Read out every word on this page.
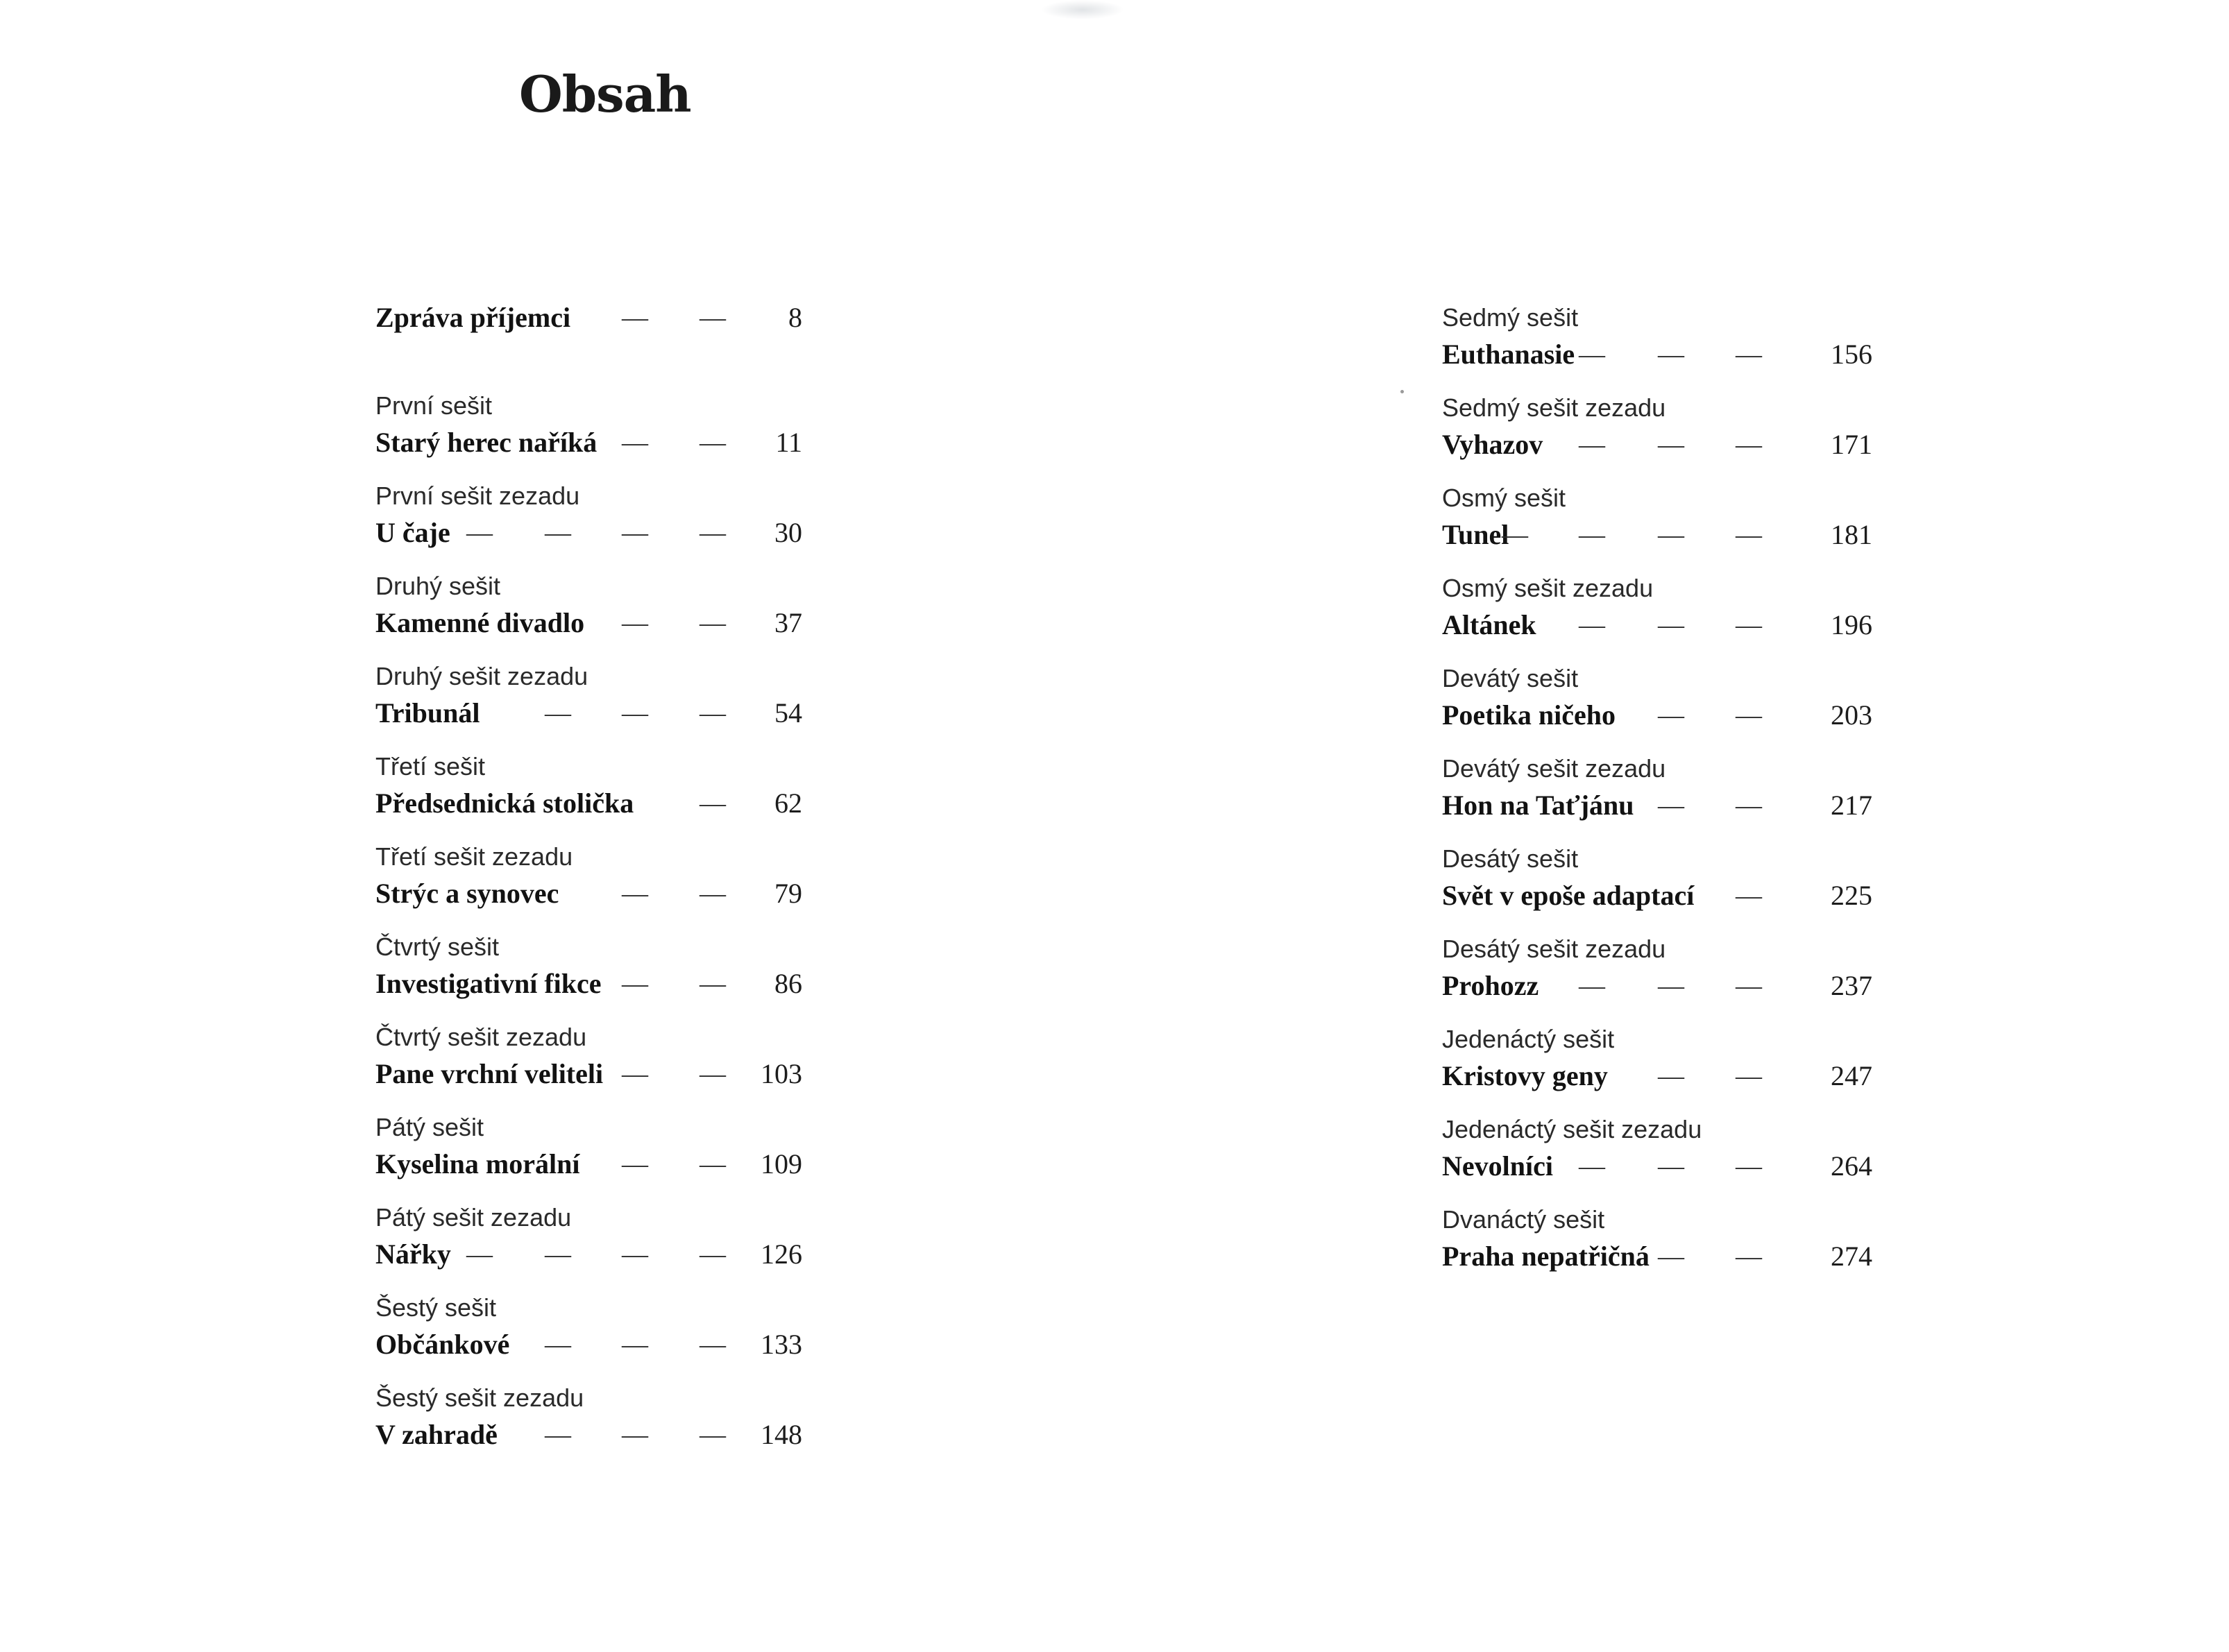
Obsah
Zpráva příjemci — — 8
První sešit
Starý herec naříká — — 11
První sešit zezadu
U čaje — — — — 30
Druhý sešit
Kamenné divadlo — — 37
Druhý sešit zezadu
Tribunál — — — 54
Třetí sešit
Předsednická stolička — 62
Třetí sešit zezadu
Strýc a synovec — — 79
Čtvrtý sešit
Investigativní fikce — — 86
Čtvrtý sešit zezadu
Pane vrchní veliteli — — 103
Pátý sešit
Kyselina morální — — 109
Pátý sešit zezadu
Nářky — — — — 126
Šestý sešit
Občánkové — — — 133
Šestý sešit zezadu
V zahradě — — — 148
Sedmý sešit
Euthanasie — — — 156
Sedmý sešit zezadu
Vyhazov — — — 171
Osmý sešit
Tunel
— — — — 181
Osmý sešit zezadu
Altánek — — — 196
Devátý sešit
Poetika ničeho — — 203
Devátý sešit zezadu
Hon na Taťjánu — — 217
Desátý sešit
Svět v epoše adaptací — 225
Desátý sešit zezadu
Prohozz — — — 237
Jedenáctý sešit
Kristovy geny — — 247
Jedenáctý sešit zezadu
Nevolníci — — — 264
Dvanáctý sešit
Praha nepatřičná — — 274
